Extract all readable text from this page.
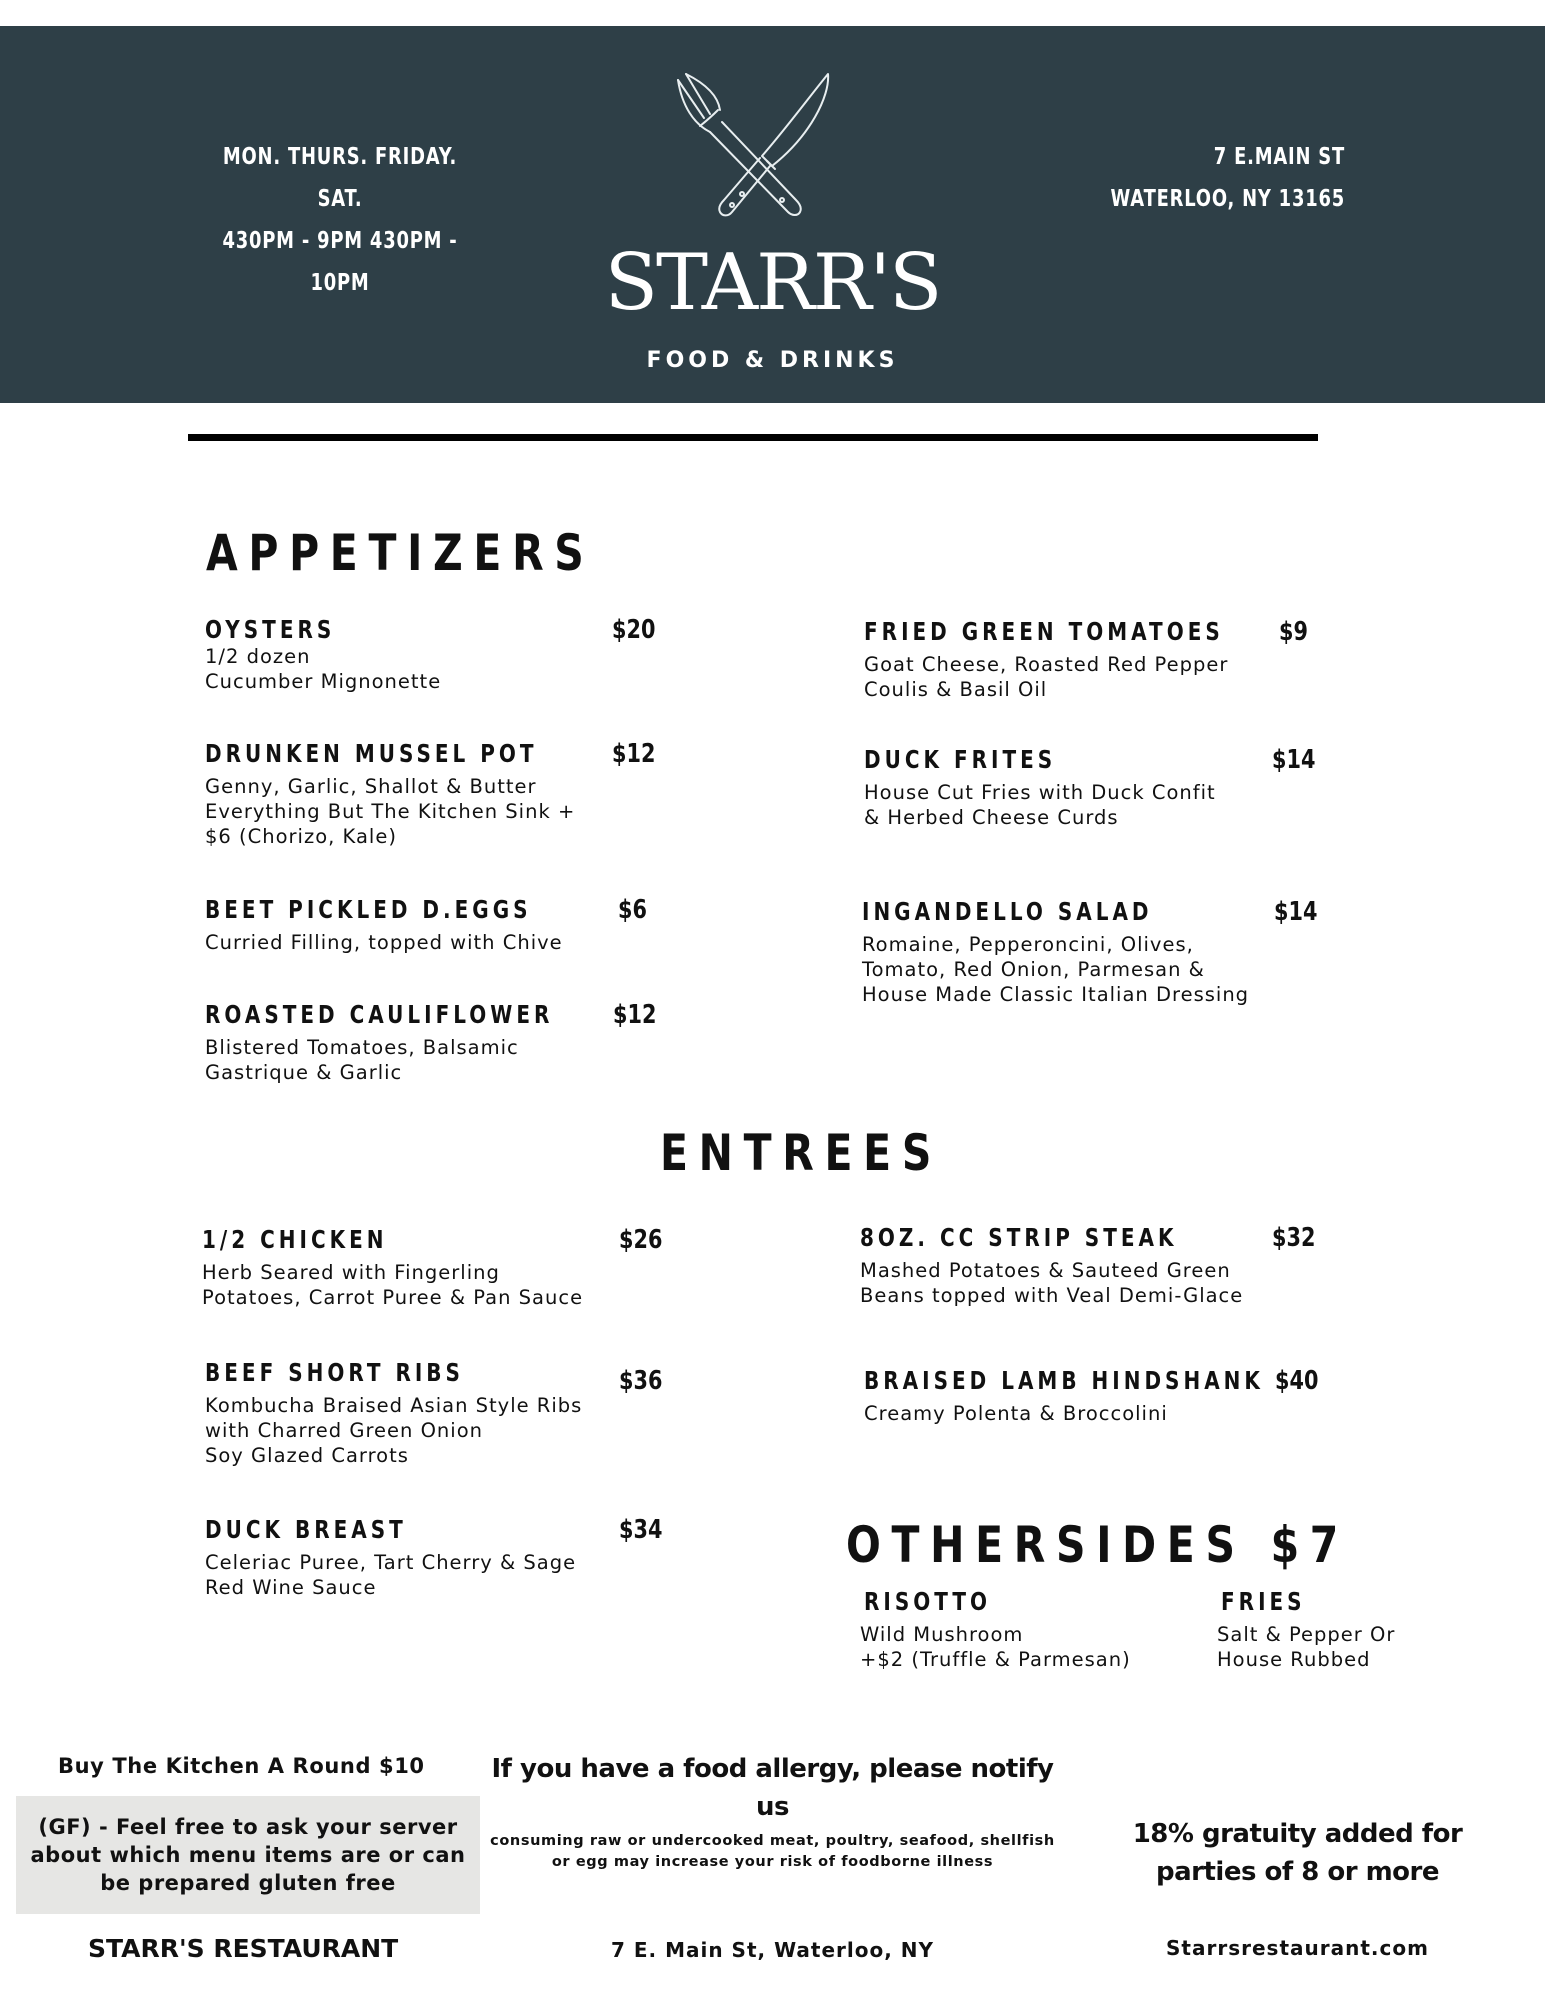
MON. THURS. FRIDAY. SAT.
430PM - 9PM 430PM - 10PM	STARR'S
FOOD & DRINKS
7 E.MAIN ST
WATERLOO, NY 13165
APPETIZERS
OYSTERS	$20
1/2 dozen
Cucumber Mignonette
DRUNKEN MUSSEL POT	$12
Genny, Garlic, Shallot & Butter
Everything But The Kitchen Sink +
$6 (Chorizo, Kale)
BEET PICKLED D.EGGS	$6
Curried Filling, topped with Chive
ROASTED CAULIFLOWER $12
Blistered Tomatoes, Balsamic
Gastrique & Garlic
FRIED GREEN TOMATOES $9
Goat Cheese, Roasted Red Pepper
Coulis & Basil Oil
DUCK FRITES	$14
House Cut Fries with Duck Confit
& Herbed Cheese Curds
INGANDELLO SALAD	$14
Romaine, Pepperoncini, Olives,
Tomato, Red Onion, Parmesan &
House Made Classic Italian Dressing
ENTREES
1/2 CHICKEN	$26
Herb Seared with Fingerling
Potatoes, Carrot Puree & Pan Sauce
BEEF SHORT RIBS	$36
Kombucha Braised Asian Style Ribs
with Charred Green Onion
Soy Glazed Carrots
DUCK BREAST	$34
Celeriac Puree, Tart Cherry & Sage
Red Wine Sauce
8OZ. CC STRIP STEAK	$32
Mashed Potatoes & Sauteed Green
Beans topped with Veal Demi-Glace
BRAISED LAMB HINDSHANK $40
Creamy Polenta & Broccolini
OTHERSIDES $7
RISOTTO
Wild Mushroom
+$2 (Truffle & Parmesan)
FRIES
Salt & Pepper Or
House Rubbed
Buy The Kitchen A Round $10
(GF) - Feel free to ask your server about which menu items are or can be prepared gluten free
If you have a food allergy, please notify us
consuming raw or undercooked meat, poultry, seafood, shellfish or egg may increase your risk of foodborne illness
18% gratuity added for parties of 8 or more
STARR'S RESTAURANT	7 E. Main St, Waterloo, NY	Starrsrestaurant.com
